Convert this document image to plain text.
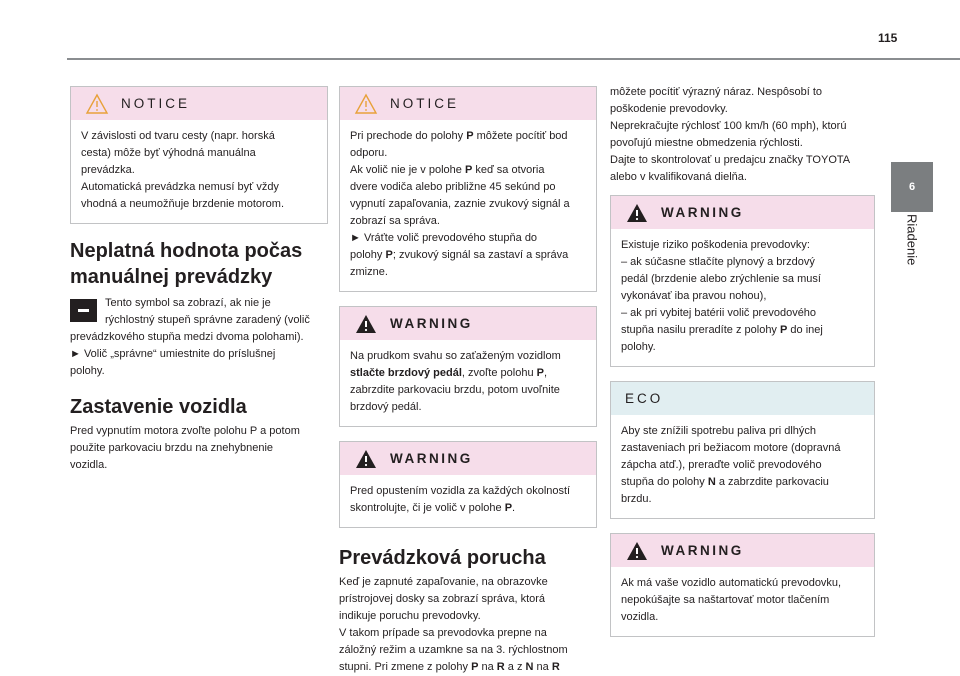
115
6
Riadenie
NOTICE

V závislosti od tvaru cesty (napr. horská

cesta) môže byť výhodná manuálna

prevádzka.

Automatická prevádzka nemusí byť vždy

vhodná a neumožňuje brzdenie motorom.

Neplatná hodnota počas
manuálnej prevádzky

Tento symbol sa zobrazí, ak nie je

rýchlostný stupeň správne zaradený (volič

prevádzkového stupňa medzi dvoma polohami).

► Volič „správne“ umiestnite do príslušnej

polohy.

Zastavenie vozidla

Pred vypnutím motora zvoľte polohu P a potom

použite parkovaciu brzdu na znehybnenie

vozidla.

NOTICE

Pri prechode do polohy P môžete pocítiť bod

odporu.

Ak volič nie je v polohe P keď sa otvoria

dvere vodiča alebo približne 45 sekúnd po

vypnutí zapaľovania, zaznie zvukový signál a

zobrazí sa správa.

► Vráťte volič prevodového stupňa do

polohy P; zvukový signál sa zastaví a správa

zmizne.

WARNING

Na prudkom svahu so zaťaženým vozidlom

stlačte brzdový pedál, zvoľte polohu P,

zabrzdite parkovaciu brzdu, potom uvoľnite

brzdový pedál.

WARNING

Pred opustením vozidla za každých okolností

skontrolujte, či je volič v polohe P.

Prevádzková porucha

Keď je zapnuté zapaľovanie, na obrazovke

prístrojovej dosky sa zobrazí správa, ktorá

indikuje poruchu prevodovky.

V takom prípade sa prevodovka prepne na

záložný režim a uzamkne sa na 3. rýchlostnom

stupni. Pri zmene z polohy P na R a z N na R

môžete pocítiť výrazný náraz. Nespôsobí to

poškodenie prevodovky.

Neprekračujte rýchlosť 100 km/h (60 mph), ktorú

povoľujú miestne obmedzenia rýchlosti.

Dajte to skontrolovať u predajcu značky TOYOTA

alebo v kvalifikovaná dielňa.

WARNING

Existuje riziko poškodenia prevodovky:

– ak súčasne stlačíte plynový a brzdový

pedál (brzdenie alebo zrýchlenie sa musí

vykonávať iba pravou nohou),

– ak pri vybitej batérii volič prevodového

stupňa nasilu preradíte z polohy P do inej

polohy.

ECO

Aby ste znížili spotrebu paliva pri dlhých

zastaveniach pri bežiacom motore (dopravná

zápcha atď.), preraďte volič prevodového

stupňa do polohy N a zabrzdite parkovaciu

brzdu.

WARNING

Ak má vaše vozidlo automatickú prevodovku,

nepokúšajte sa naštartovať motor tlačením

vozidla.
